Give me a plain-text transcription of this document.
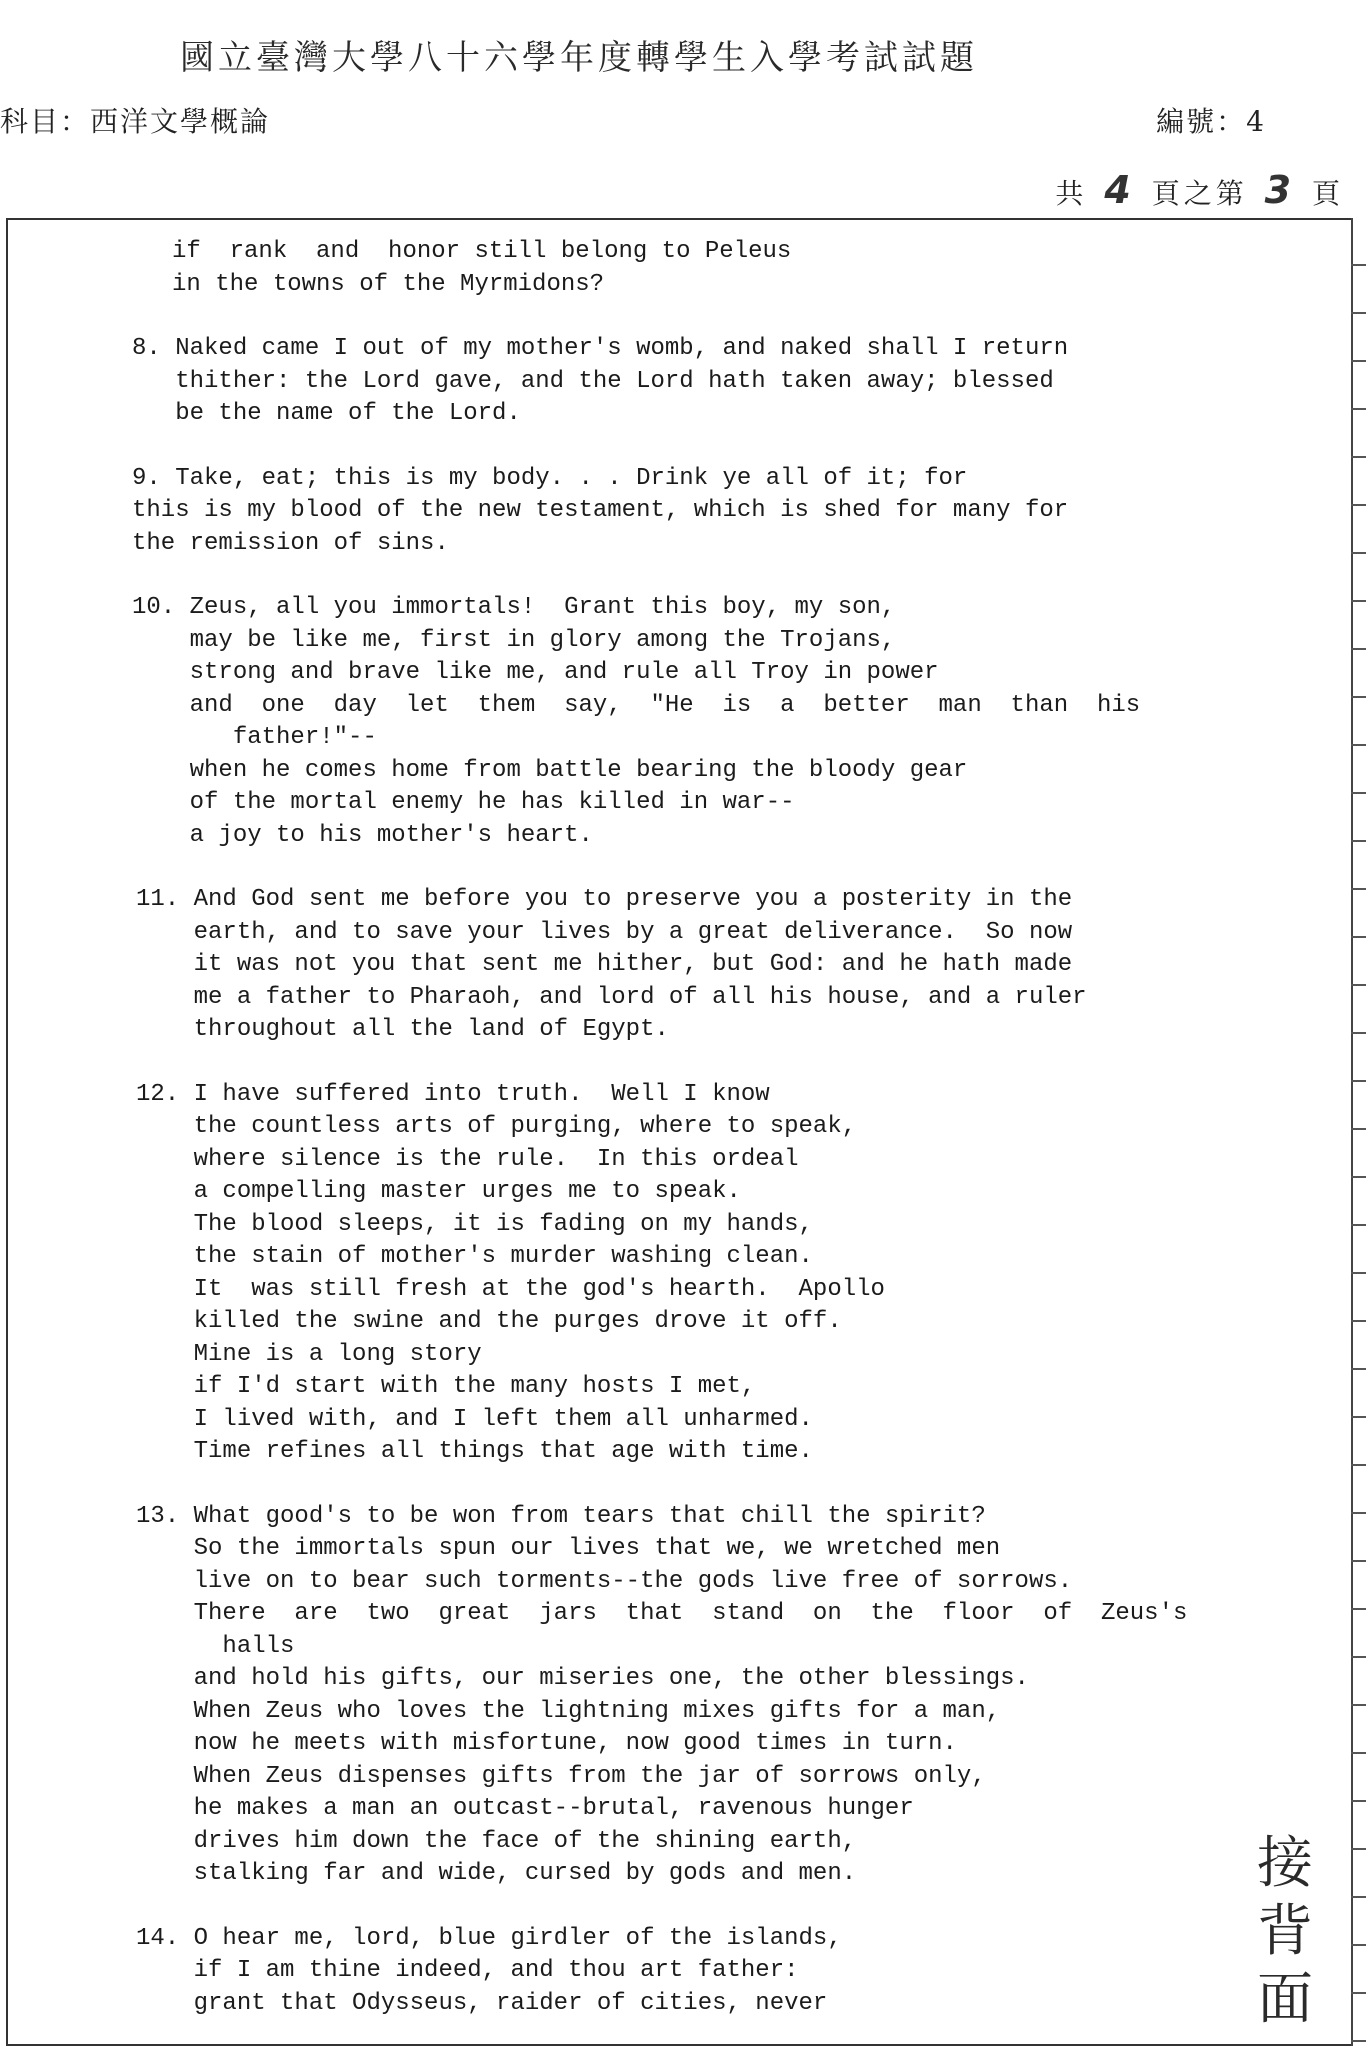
國立臺灣大學八十六學年度轉學生入學考試試題
科目：西洋文學概論	編號：4
共 4 頁之第 3 頁
if  rank  and  honor still belong to Peleus
in the towns of the Myrmidons?
8. Naked came I out of my mother's womb, and naked shall I return
thither: the Lord gave, and the Lord hath taken away; blessed
be the name of the Lord.
9. Take, eat; this is my body. . . Drink ye all of it; for
this is my blood of the new testament, which is shed for many for
the remission of sins.
10. Zeus, all you immortals!  Grant this boy, my son,
may be like me, first in glory among the Trojans,
strong and brave like me, and rule all Troy in power
and  one  day  let  them  say,  "He  is  a  better  man  than  his
father!"--
when he comes home from battle bearing the bloody gear
of the mortal enemy he has killed in war--
a joy to his mother's heart.
11. And God sent me before you to preserve you a posterity in the
earth, and to save your lives by a great deliverance.  So now
it was not you that sent me hither, but God: and he hath made
me a father to Pharaoh, and lord of all his house, and a ruler
throughout all the land of Egypt.
12. I have suffered into truth.  Well I know
the countless arts of purging, where to speak,
where silence is the rule.  In this ordeal
a compelling master urges me to speak.
The blood sleeps, it is fading on my hands,
the stain of mother's murder washing clean.
It  was still fresh at the god's hearth.  Apollo
killed the swine and the purges drove it off.
Mine is a long story
if I'd start with the many hosts I met,
I lived with, and I left them all unharmed.
Time refines all things that age with time.
13. What good's to be won from tears that chill the spirit?
So the immortals spun our lives that we, we wretched men
live on to bear such torments--the gods live free of sorrows.
There  are  two  great  jars  that  stand  on  the  floor  of  Zeus's
halls
and hold his gifts, our miseries one, the other blessings.
When Zeus who loves the lightning mixes gifts for a man,
now he meets with misfortune, now good times in turn.
When Zeus dispenses gifts from the jar of sorrows only,
he makes a man an outcast--brutal, ravenous hunger
drives him down the face of the shining earth,
stalking far and wide, cursed by gods and men.
14. O hear me, lord, blue girdler of the islands,
if I am thine indeed, and thou art father:
grant that Odysseus, raider of cities, never
接
背
面
